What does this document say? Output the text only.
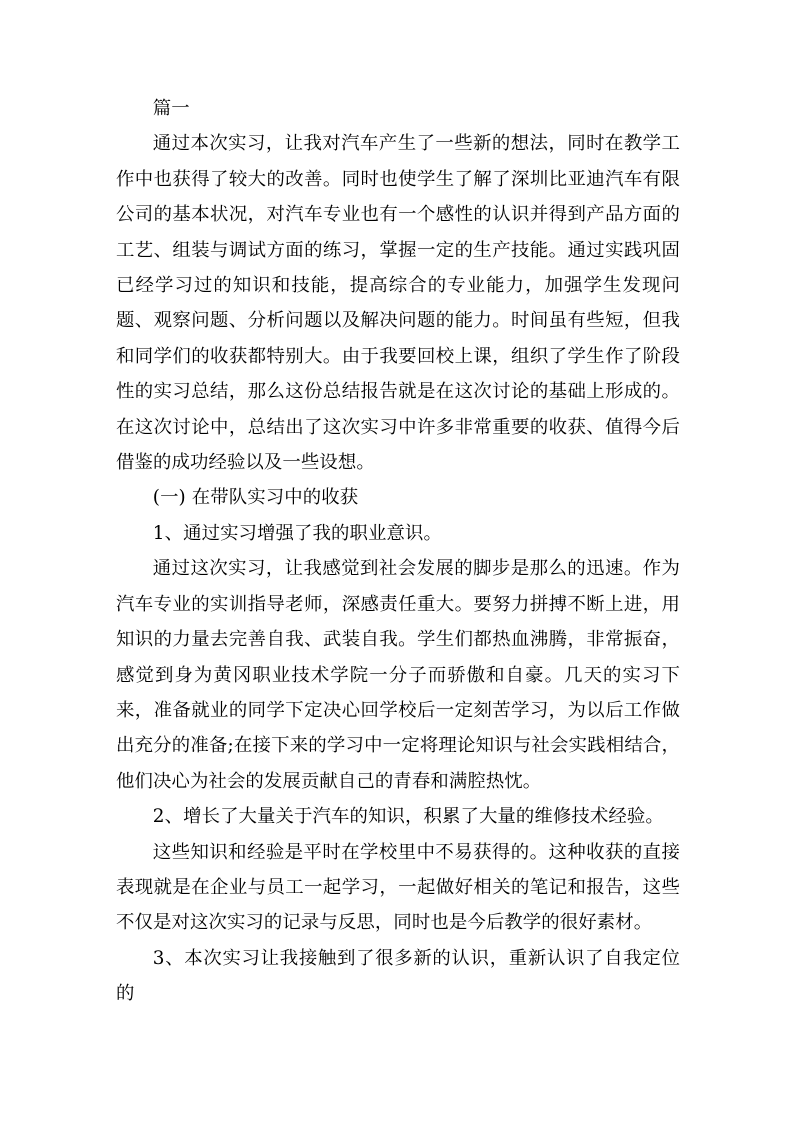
篇一

通过本次实习，让我对汽车产生了一些新的想法，同时在教学工作中也获得了较大的改善。同时也使学生了解了深圳比亚迪汽车有限公司的基本状况，对汽车专业也有一个感性的认识并得到产品方面的工艺、组装与调试方面的练习，掌握一定的生产技能。通过实践巩固已经学习过的知识和技能，提高综合的专业能力，加强学生发现问题、观察问题、分析问题以及解决问题的能力。时间虽有些短，但我和同学们的收获都特别大。由于我要回校上课，组织了学生作了阶段性的实习总结，那么这份总结报告就是在这次讨论的基础上形成的。在这次讨论中，总结出了这次实习中许多非常重要的收获、值得今后借鉴的成功经验以及一些设想。

(一) 在带队实习中的收获

1、通过实习增强了我的职业意识。

通过这次实习，让我感觉到社会发展的脚步是那么的迅速。作为汽车专业的实训指导老师，深感责任重大。要努力拼搏不断上进，用知识的力量去完善自我、武装自我。学生们都热血沸腾，非常振奋，感觉到身为黄冈职业技术学院一分子而骄傲和自豪。几天的实习下来，准备就业的同学下定决心回学校后一定刻苦学习，为以后工作做出充分的准备;在接下来的学习中一定将理论知识与社会实践相结合，他们决心为社会的发展贡献自己的青春和满腔热忱。

2、增长了大量关于汽车的知识，积累了大量的维修技术经验。

这些知识和经验是平时在学校里中不易获得的。这种收获的直接表现就是在企业与员工一起学习，一起做好相关的笔记和报告，这些不仅是对这次实习的记录与反思，同时也是今后教学的很好素材。

3、本次实习让我接触到了很多新的认识，重新认识了自我定位的
